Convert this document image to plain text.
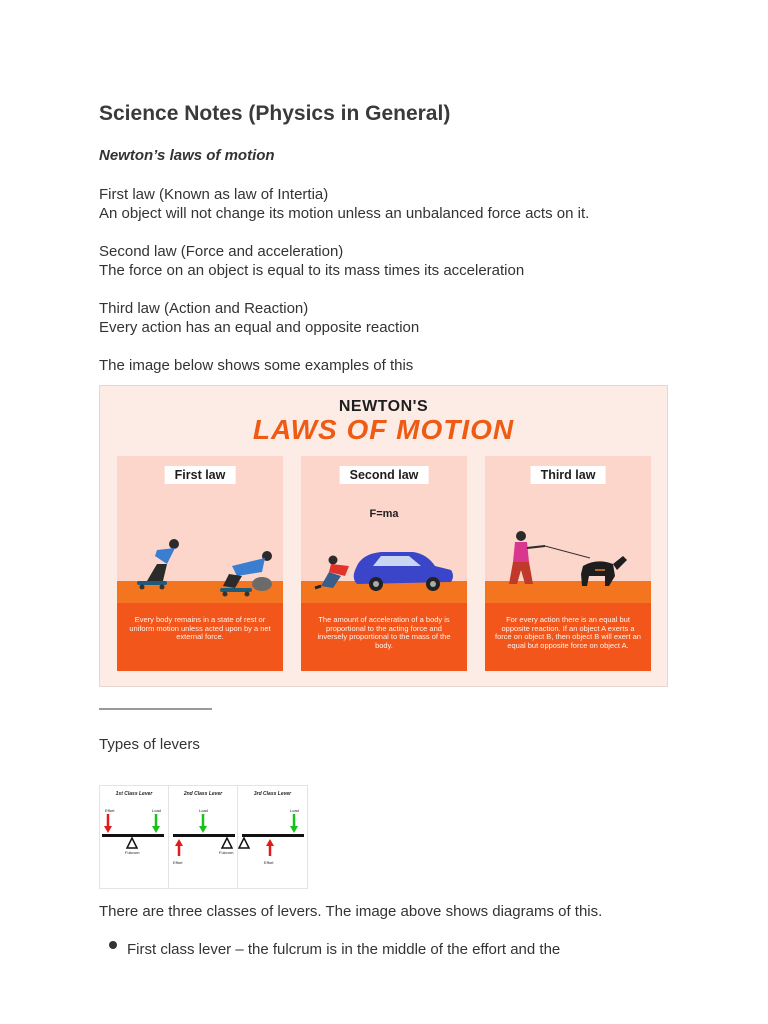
Science Notes (Physics in General)
Newton’s laws of motion
First law (Known as law of Intertia)
An object will not change its motion unless an unbalanced force acts on it.
Second law (Force and acceleration)
The force on an object is equal to its mass times its acceleration
Third law (Action and Reaction)
Every action has an equal and opposite reaction
The image below shows some examples of this
NEWTON'S
LAWS OF MOTION
First law
Every body remains in a state of rest or uniform motion unless acted upon by a net external force.
Second law
F=ma
The amount of acceleration of a body is proportional to the acting force and inversely proportional to the mass of the body.
Third law
For every action there is an equal but opposite reaction. If an object A exerts a force on object B, then object B will exert an equal but opposite force on object A.
————————
Types of levers
1st Class Lever
Effort	Load
Fulcrum
2nd Class Lever
Load
Effort
Fulcrum
3rd Class Lever
Load
Effort
There are three classes of levers. The image above shows diagrams of this.
First class lever – the fulcrum is in the middle of the effort and the
